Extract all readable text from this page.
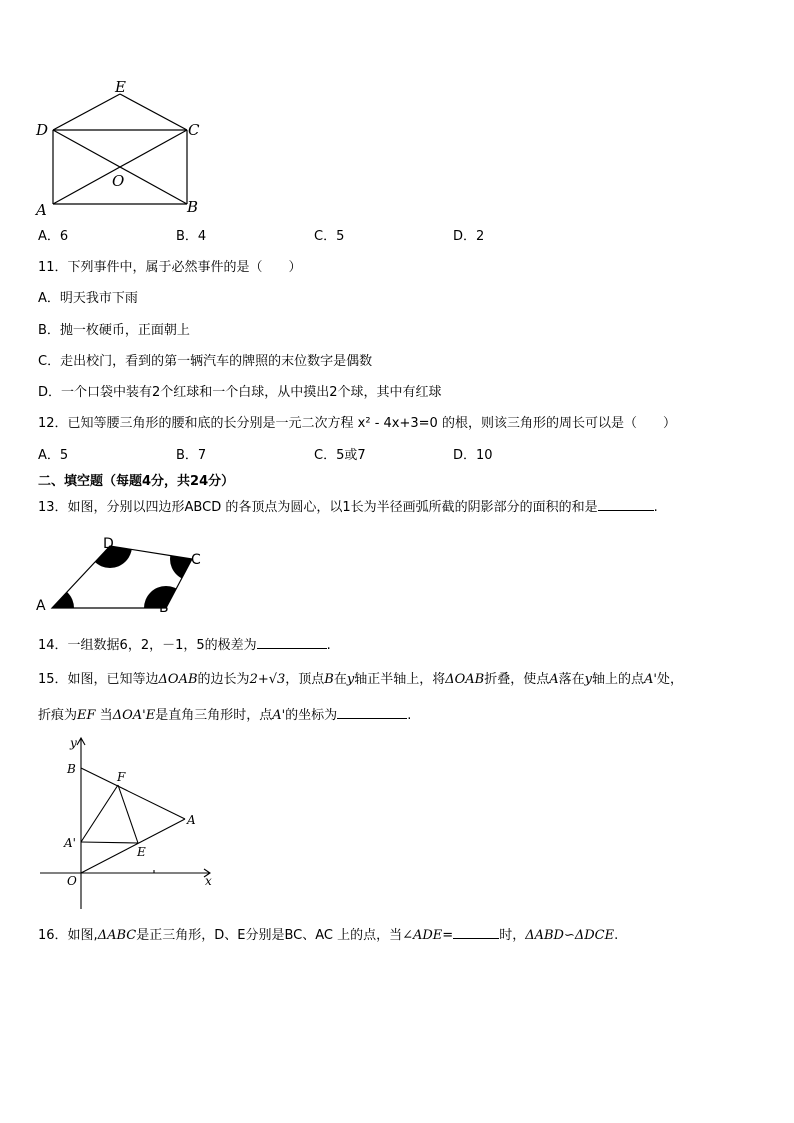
E
D	C
O
A	B
A．6	B．4	C．5	D．2
11．下列事件中，属于必然事件的是（　　）
A．明天我市下雨
B．抛一枚硬币，正面朝上
C．走出校门，看到的第一辆汽车的牌照的末位数字是偶数
D．一个口袋中装有2个红球和一个白球，从中摸出2个球，其中有红球
12．已知等腰三角形的腰和底的长分别是一元二次方程 x² - 4x+3=0 的根，则该三角形的周长可以是（　　）
A．5	B．7	C．5或7	D．10
二、填空题（每题4分，共24分）
13．如图，分别以四边形ABCD 的各顶点为圆心，以1长为半径画弧所截的阴影部分的面积的和是	.
A	B
C
D
14．一组数据6，2，－1，5的极差为	.
15．如图，已知等边ΔOAB的边长为2+√3，顶点B在y轴正半轴上，将ΔOAB折叠，使点A落在y轴上的点A'处，
折痕为EF 当ΔOA'E是直角三角形时，点A'的坐标为	.
y
B
F
A
A'
E
O	x
16．如图,ΔABC是正三角形，D、E分别是BC、AC 上的点，当∠ADE=	时，ΔABD∽ΔDCE.
